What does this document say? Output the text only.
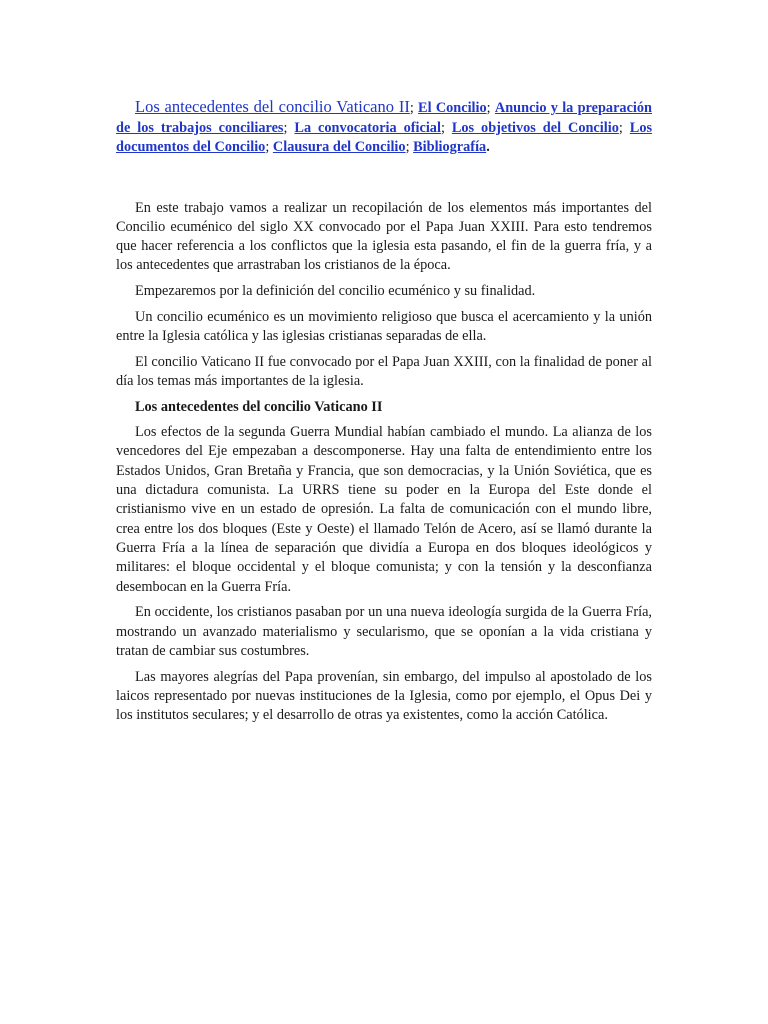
Los antecedentes del concilio Vaticano II; El Concilio; Anuncio y la preparación de los trabajos conciliares; La convocatoria oficial; Los objetivos del Concilio; Los documentos del Concilio; Clausura del Concilio; Bibliografía.

En este trabajo vamos a realizar un recopilación de los elementos más importantes del Concilio ecuménico del siglo XX convocado por el Papa Juan XXIII. Para esto tendremos que hacer referencia a los conflictos que la iglesia esta pasando, el fin de la guerra fría, y a los antecedentes que arrastraban los cristianos de la época.

Empezaremos por la definición del concilio ecuménico y su finalidad.

Un concilio ecuménico es un movimiento religioso que busca el acercamiento y la unión entre la Iglesia católica y las iglesias cristianas separadas de ella.

El concilio Vaticano II fue convocado por el Papa Juan XXIII, con la finalidad de poner al día los temas más importantes de la iglesia.

Los antecedentes del concilio Vaticano II

Los efectos de la segunda Guerra Mundial habían cambiado el mundo. La alianza de los vencedores del Eje empezaban a descomponerse. Hay una falta de entendimiento entre los Estados Unidos, Gran Bretaña y Francia, que son democracias, y la Unión Soviética, que es una dictadura comunista. La URRS tiene su poder en la Europa del Este donde el cristianismo vive en un estado de opresión. La falta de comunicación con el mundo libre, crea entre los dos bloques (Este y Oeste) el llamado Telón de Acero, así se llamó durante la Guerra Fría a la línea de separación que dividía a Europa en dos bloques ideológicos y militares: el bloque occidental y el bloque comunista; y con la tensión y la desconfianza desembocan en la Guerra Fría.

En occidente, los cristianos pasaban por un una nueva ideología surgida de la Guerra Fría, mostrando un avanzado materialismo y secularismo, que se oponían a la vida cristiana y tratan de cambiar sus costumbres.

Las mayores alegrías del Papa provenían, sin embargo, del impulso al apostolado de los laicos representado por nuevas instituciones de la Iglesia, como por ejemplo, el Opus Dei y los institutos seculares; y el desarrollo de otras ya existentes, como la acción Católica.
